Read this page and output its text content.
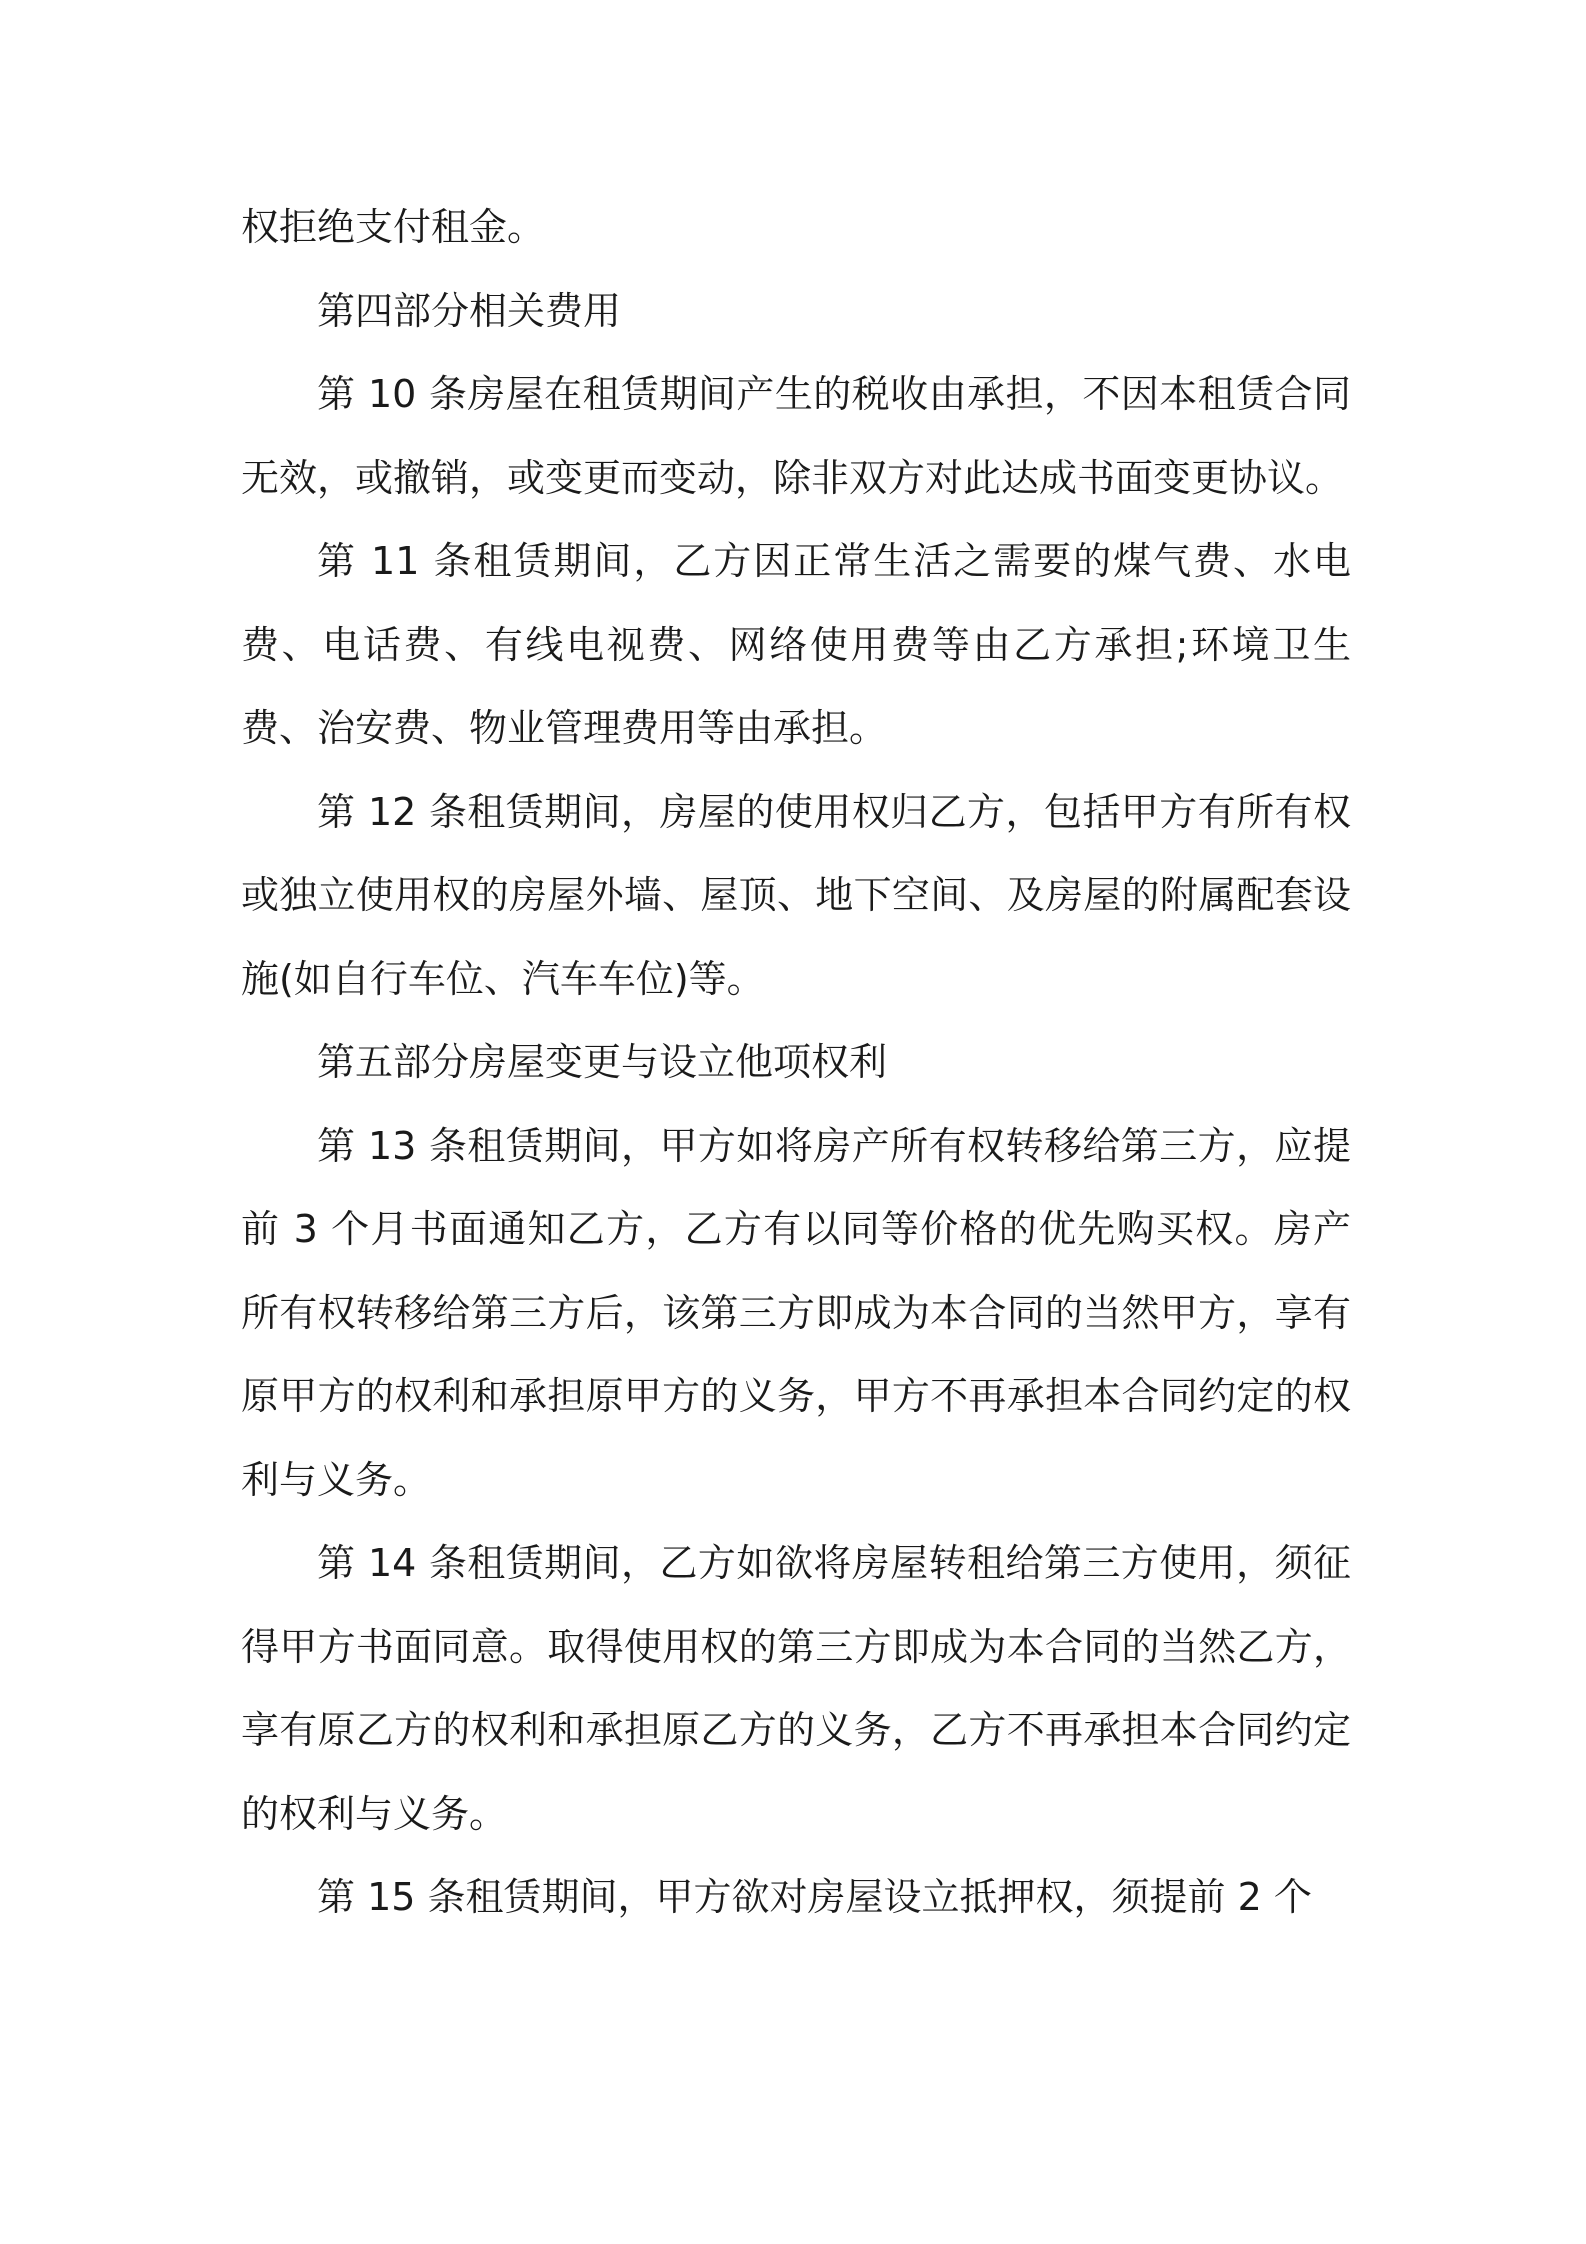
权拒绝支付租金。

第四部分相关费用

第 10 条房屋在租赁期间产生的税收由承担，不因本租赁合同无效，或撤销，或变更而变动，除非双方对此达成书面变更协议。

第 11 条租赁期间，乙方因正常生活之需要的煤气费、水电费、电话费、有线电视费、网络使用费等由乙方承担;环境卫生费、治安费、物业管理费用等由承担。

第 12 条租赁期间，房屋的使用权归乙方，包括甲方有所有权或独立使用权的房屋外墙、屋顶、地下空间、及房屋的附属配套设施(如自行车位、汽车车位)等。

第五部分房屋变更与设立他项权利

第 13 条租赁期间，甲方如将房产所有权转移给第三方，应提前 3 个月书面通知乙方，乙方有以同等价格的优先购买权。房产所有权转移给第三方后，该第三方即成为本合同的当然甲方，享有原甲方的权利和承担原甲方的义务，甲方不再承担本合同约定的权利与义务。

第 14 条租赁期间，乙方如欲将房屋转租给第三方使用，须征得甲方书面同意。取得使用权的第三方即成为本合同的当然乙方，享有原乙方的权利和承担原乙方的义务，乙方不再承担本合同约定的权利与义务。

第 15 条租赁期间，甲方欲对房屋设立抵押权，须提前 2 个
